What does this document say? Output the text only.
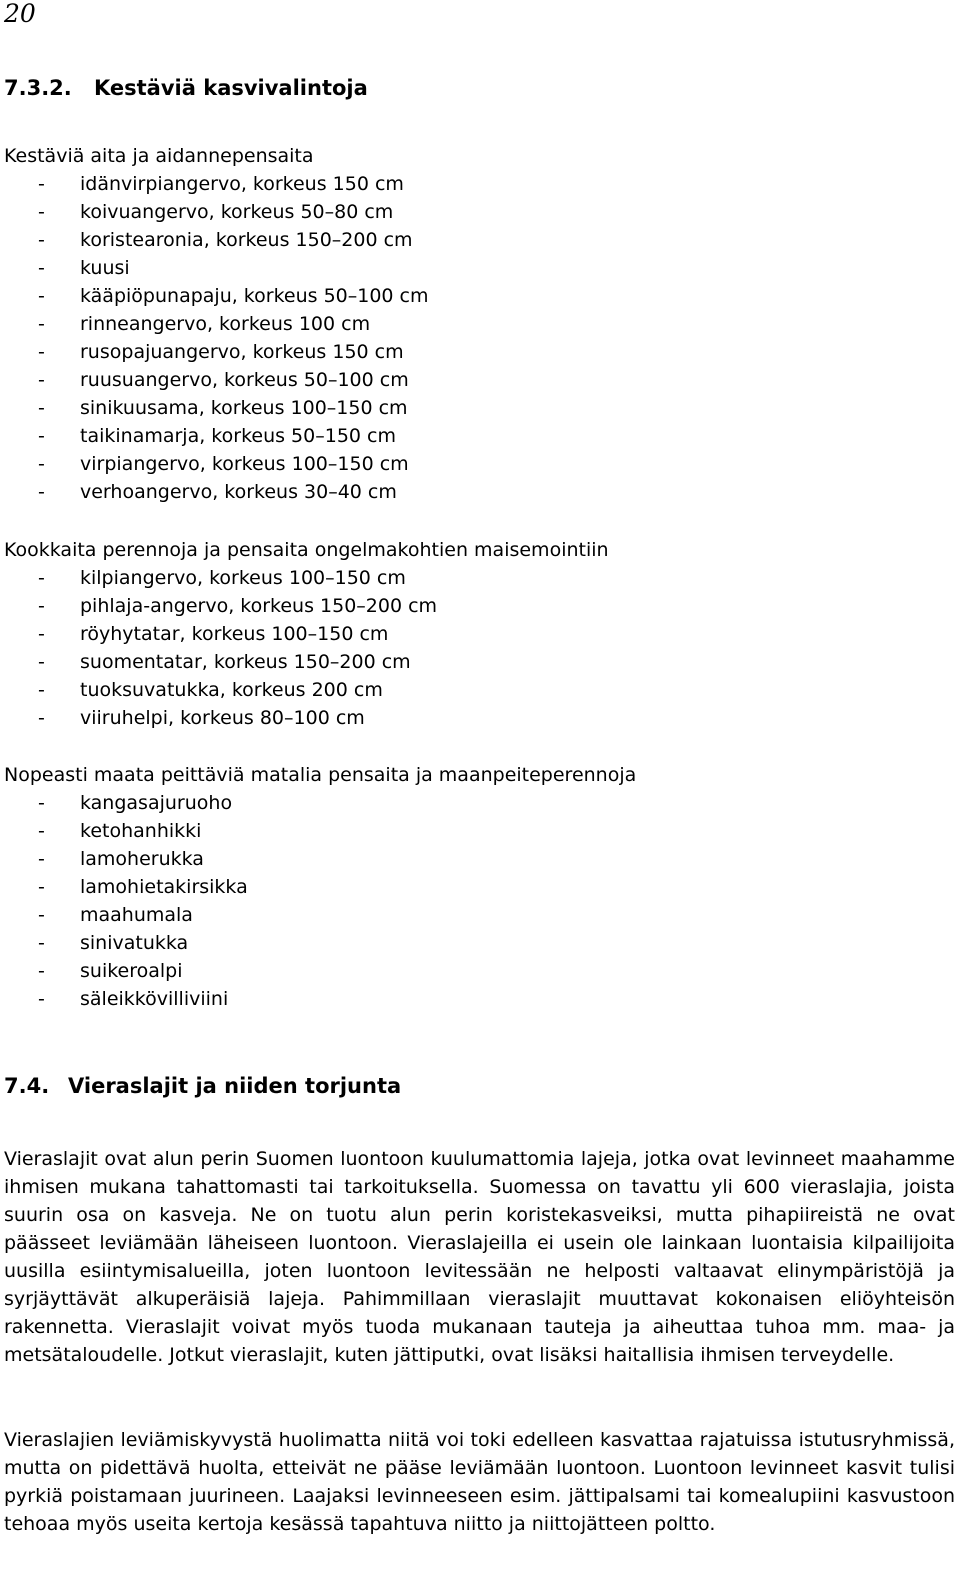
20
7.3.2. Kestäviä kasvivalintoja
Kestäviä aita ja aidannepensaita
- idänvirpiangervo, korkeus 150 cm
- koivuangervo, korkeus 50–80 cm
- koristearonia, korkeus 150–200 cm
- kuusi
- kääpiöpunapaju, korkeus 50–100 cm
- rinneangervo, korkeus 100 cm
- rusopajuangervo, korkeus 150 cm
- ruusuangervo, korkeus 50–100 cm
- sinikuusama, korkeus 100–150 cm
- taikinamarja, korkeus 50–150 cm
- virpiangervo, korkeus 100–150 cm
- verhoangervo, korkeus 30–40 cm
Kookkaita perennoja ja pensaita ongelmakohtien maisemointiin
- kilpiangervo, korkeus 100–150 cm
- pihlaja-angervo, korkeus 150–200 cm
- röyhytatar, korkeus 100–150 cm
- suomentatar, korkeus 150–200 cm
- tuoksuvatukka, korkeus 200 cm
- viiruhelpi, korkeus 80–100 cm
Nopeasti maata peittäviä matalia pensaita ja maanpeiteperennoja
- kangasajuruoho
- ketohanhikki
- lamoherukka
- lamohietakirsikka
- maahumala
- sinivatukka
- suikeroalpi
- säleikkövilliviini
7.4. Vieraslajit ja niiden torjunta

Vieraslajit ovat alun perin Suomen luontoon kuulumattomia lajeja, jotka ovat levinneet maahamme ihmisen mukana tahattomasti tai tarkoituksella. Suomessa on tavattu yli 600 vieraslajia, joista suurin osa on kasveja. Ne on tuotu alun perin koristekasveiksi, mutta pihapiireistä ne ovat päässeet leviämään läheiseen luontoon. Vieraslajeilla ei usein ole lainkaan luontaisia kilpailijoita uusilla esiintymisalueilla, joten luontoon levitessään ne helposti valtaavat elinympäristöjä ja syrjäyttävät alkuperäisiä lajeja. Pahimmillaan vieraslajit muuttavat kokonaisen eliöyhteisön rakennetta. Vieraslajit voivat myös tuoda mukanaan tauteja ja aiheuttaa tuhoa mm. maa- ja metsätaloudelle. Jotkut vieraslajit, kuten jättiputki, ovat lisäksi haitallisia ihmisen terveydelle.

Vieraslajien leviämiskyvystä huolimatta niitä voi toki edelleen kasvattaa rajatuissa istutusryhmissä, mutta on pidettävä huolta, etteivät ne pääse leviämään luontoon. Luontoon levinneet kasvit tulisi pyrkiä poistamaan juurineen. Laajaksi levinneeseen esim. jättipalsami tai komealupiini kasvustoon tehoaa myös useita kertoja kesässä tapahtuva niitto ja niittojätteen poltto.
